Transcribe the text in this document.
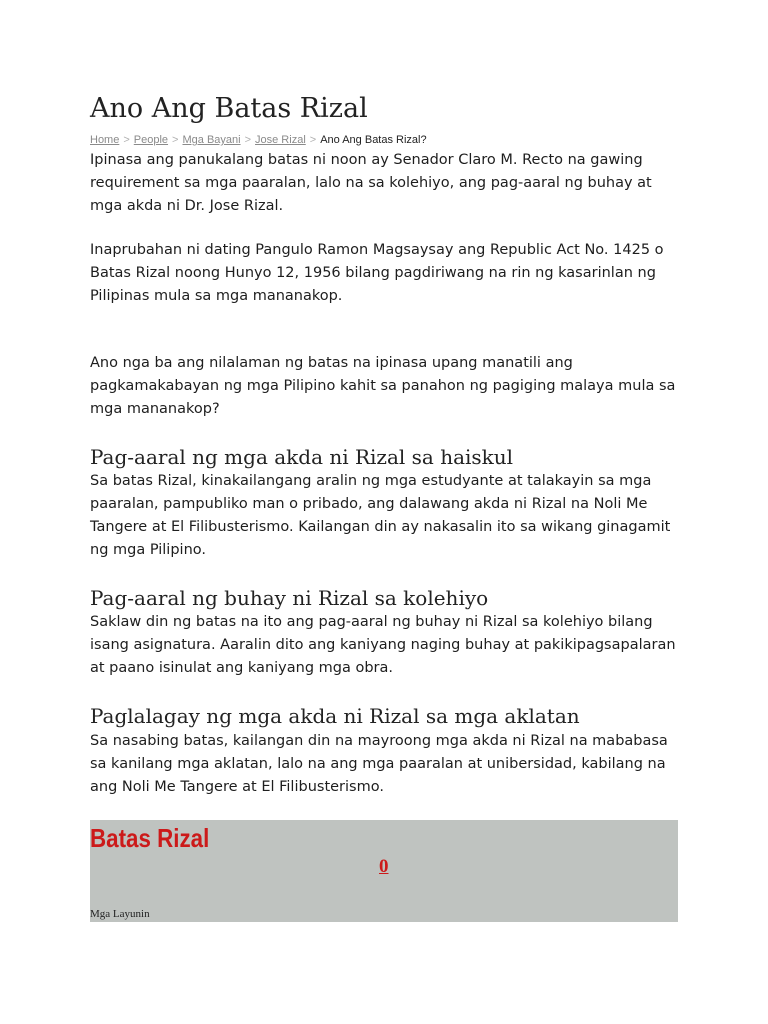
Ano Ang Batas Rizal
Home > People > Mga Bayani > Jose Rizal > Ano Ang Batas Rizal?

Ipinasa ang panukalang batas ni noon ay Senador Claro M. Recto na gawing requirement sa mga paaralan, lalo na sa kolehiyo, ang pag-aaral ng buhay at mga akda ni Dr. Jose Rizal.

Inaprubahan ni dating Pangulo Ramon Magsaysay ang Republic Act No. 1425 o Batas Rizal noong Hunyo 12, 1956 bilang pagdiriwang na rin ng kasarinlan ng Pilipinas mula sa mga mananakop.

Ano nga ba ang nilalaman ng batas na ipinasa upang manatili ang pagkamakabayan ng mga Pilipino kahit sa panahon ng pagiging malaya mula sa mga mananakop?

Pag-aaral ng mga akda ni Rizal sa haiskul

Sa batas Rizal, kinakailangang aralin ng mga estudyante at talakayin sa mga paaralan, pampubliko man o pribado, ang dalawang akda ni Rizal na Noli Me Tangere at El Filibusterismo. Kailangan din ay nakasalin ito sa wikang ginagamit ng mga Pilipino.

Pag-aaral ng buhay ni Rizal sa kolehiyo

Saklaw din ng batas na ito ang pag-aaral ng buhay ni Rizal sa kolehiyo bilang isang asignatura. Aaralin dito ang kaniyang naging buhay at pakikipagsapalaran at paano isinulat ang kaniyang mga obra.

Paglalagay ng mga akda ni Rizal sa mga aklatan

Sa nasabing batas, kailangan din na mayroong mga akda ni Rizal na mababasa sa kanilang mga aklatan, lalo na ang mga paaralan at unibersidad, kabilang na ang Noli Me Tangere at El Filibusterismo.

Batas Rizal
0
Mga Layunin
